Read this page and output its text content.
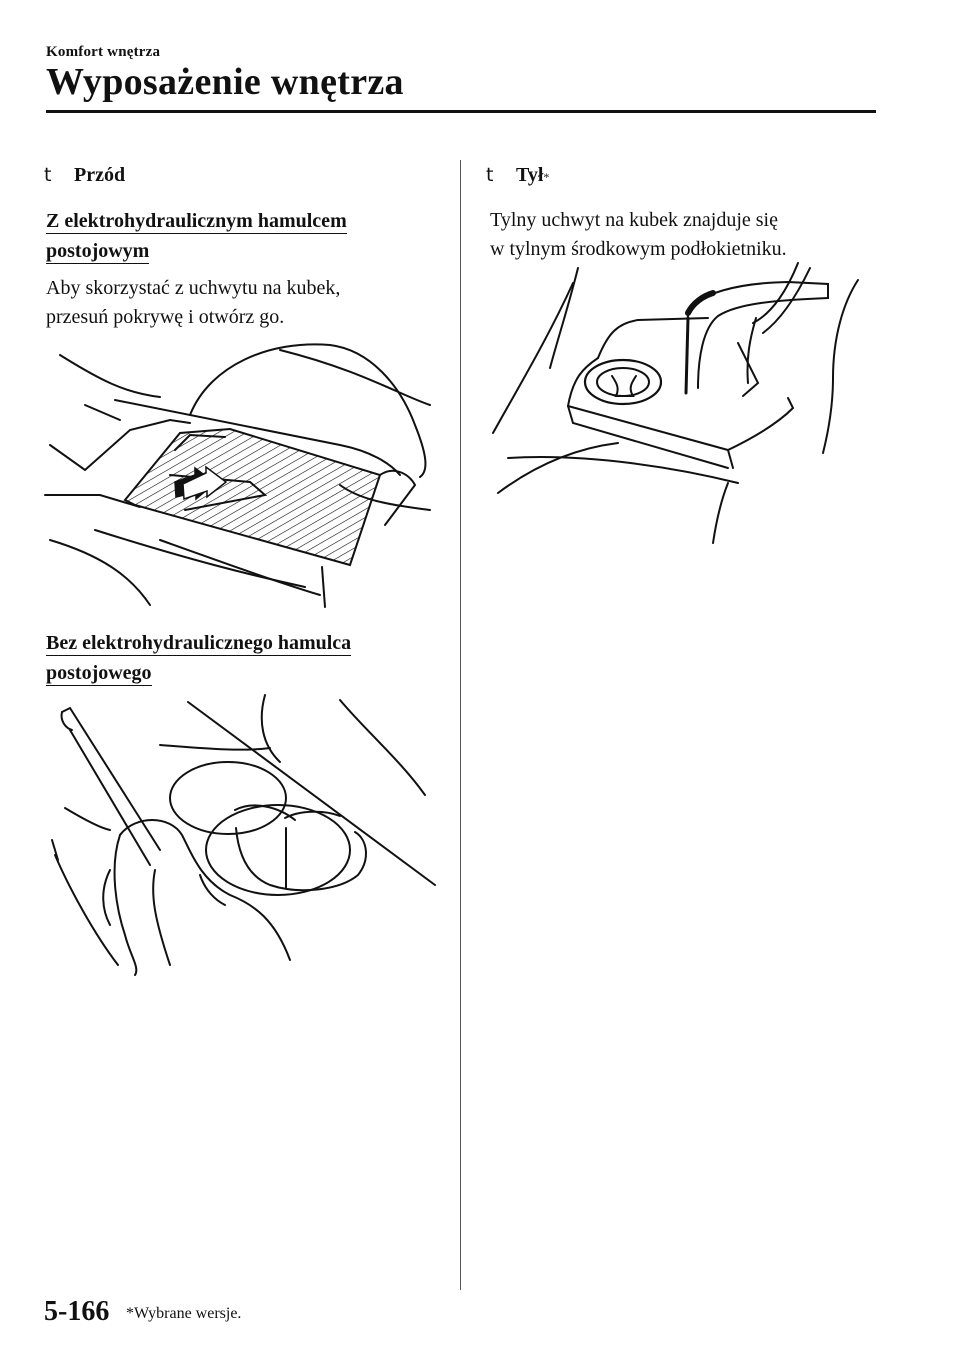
Komfort wnętrza
Wyposażenie wnętrza
t	Przód
Z elektrohydraulicznym hamulcem
postojowym
Aby skorzystać z uchwytu na kubek,
przesuń pokrywę i otwórz go.
Bez elektrohydraulicznego hamulca
postojowego
t	Tył *
Tylny uchwyt na kubek znajduje się
w tylnym środkowym podłokietniku.
5-166 *Wybrane wersje.
